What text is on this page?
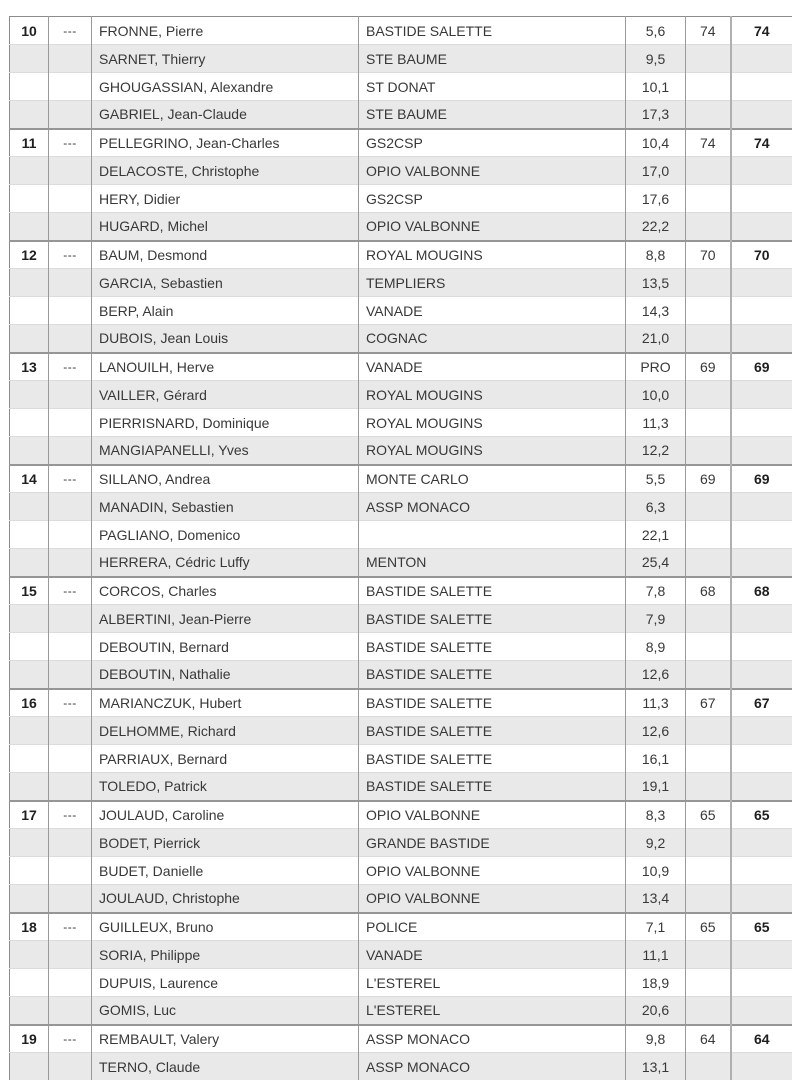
10	---	FRONNE, Pierre	BASTIDE SALETTE	5,6	74	74
		SARNET, Thierry	STE BAUME	9,5		
		GHOUGASSIAN, Alexandre	ST DONAT	10,1		
		GABRIEL, Jean-Claude	STE BAUME	17,3		
11	---	PELLEGRINO, Jean-Charles	GS2CSP	10,4	74	74
		DELACOSTE, Christophe	OPIO VALBONNE	17,0		
		HERY, Didier	GS2CSP	17,6		
		HUGARD, Michel	OPIO VALBONNE	22,2		
12	---	BAUM, Desmond	ROYAL MOUGINS	8,8	70	70
		GARCIA, Sebastien	TEMPLIERS	13,5		
		BERP, Alain	VANADE	14,3		
		DUBOIS, Jean Louis	COGNAC	21,0		
13	---	LANOUILH, Herve	VANADE	PRO	69	69
		VAILLER, Gérard	ROYAL MOUGINS	10,0		
		PIERRISNARD, Dominique	ROYAL MOUGINS	11,3		
		MANGIAPANELLI, Yves	ROYAL MOUGINS	12,2		
14	---	SILLANO, Andrea	MONTE CARLO	5,5	69	69
		MANADIN, Sebastien	ASSP MONACO	6,3		
		PAGLIANO, Domenico		22,1		
		HERRERA, Cédric Luffy	MENTON	25,4		
15	---	CORCOS, Charles	BASTIDE SALETTE	7,8	68	68
		ALBERTINI, Jean-Pierre	BASTIDE SALETTE	7,9		
		DEBOUTIN, Bernard	BASTIDE SALETTE	8,9		
		DEBOUTIN, Nathalie	BASTIDE SALETTE	12,6		
16	---	MARIANCZUK, Hubert	BASTIDE SALETTE	11,3	67	67
		DELHOMME, Richard	BASTIDE SALETTE	12,6		
		PARRIAUX, Bernard	BASTIDE SALETTE	16,1		
		TOLEDO, Patrick	BASTIDE SALETTE	19,1		
17	---	JOULAUD, Caroline	OPIO VALBONNE	8,3	65	65
		BODET, Pierrick	GRANDE BASTIDE	9,2		
		BUDET, Danielle	OPIO VALBONNE	10,9		
		JOULAUD, Christophe	OPIO VALBONNE	13,4		
18	---	GUILLEUX, Bruno	POLICE	7,1	65	65
		SORIA, Philippe	VANADE	11,1		
		DUPUIS, Laurence	L'ESTEREL	18,9		
		GOMIS, Luc	L'ESTEREL	20,6		
19	---	REMBAULT, Valery	ASSP MONACO	9,8	64	64
		TERNO, Claude	ASSP MONACO	13,1		
